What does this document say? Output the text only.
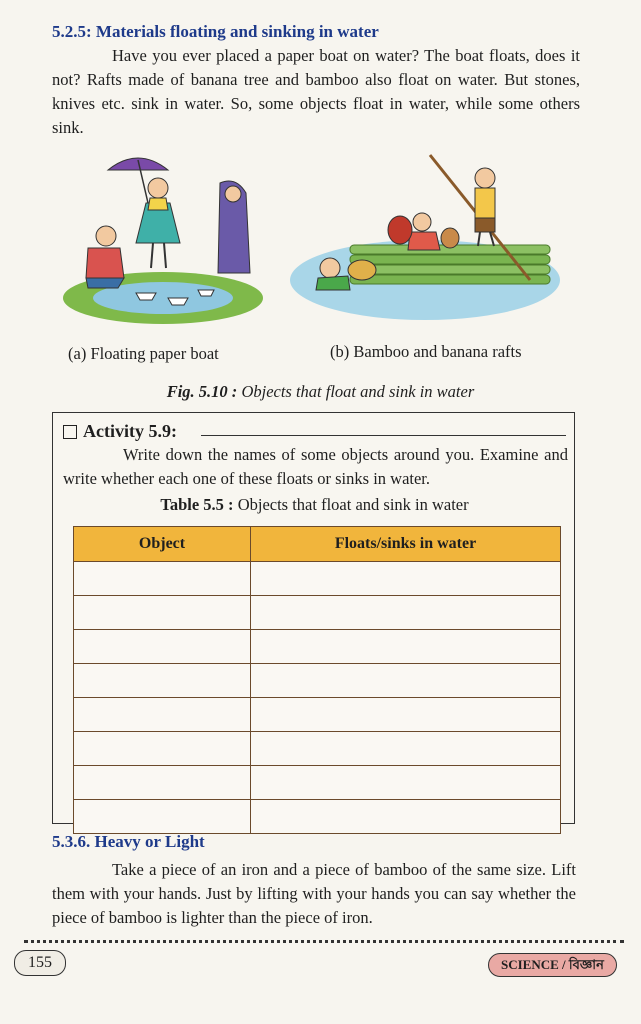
5.2.5: Materials floating and sinking in water
Have you ever placed a paper boat on water? The boat floats, does it not? Rafts made of banana tree and bamboo also float on water. But stones, knives etc. sink in water. So, some objects float in water, while some others sink.
(a) Floating paper boat	(b) Bamboo and banana rafts
Fig. 5.10 : Objects that float and sink in water
Activity 5.9:
Write down the names of some objects around you. Examine and write whether each one of these floats or sinks in water.
Table 5.5 : Objects that float and sink in water
Object	Floats/sinks in water

5.3.6. Heavy or Light
Take a piece of an iron and a piece of bamboo of the same size. Lift them with your hands. Just by lifting with your hands you can say whether the piece of bamboo is lighter than the piece of iron.
155	SCIENCE / বিজ্ঞান
